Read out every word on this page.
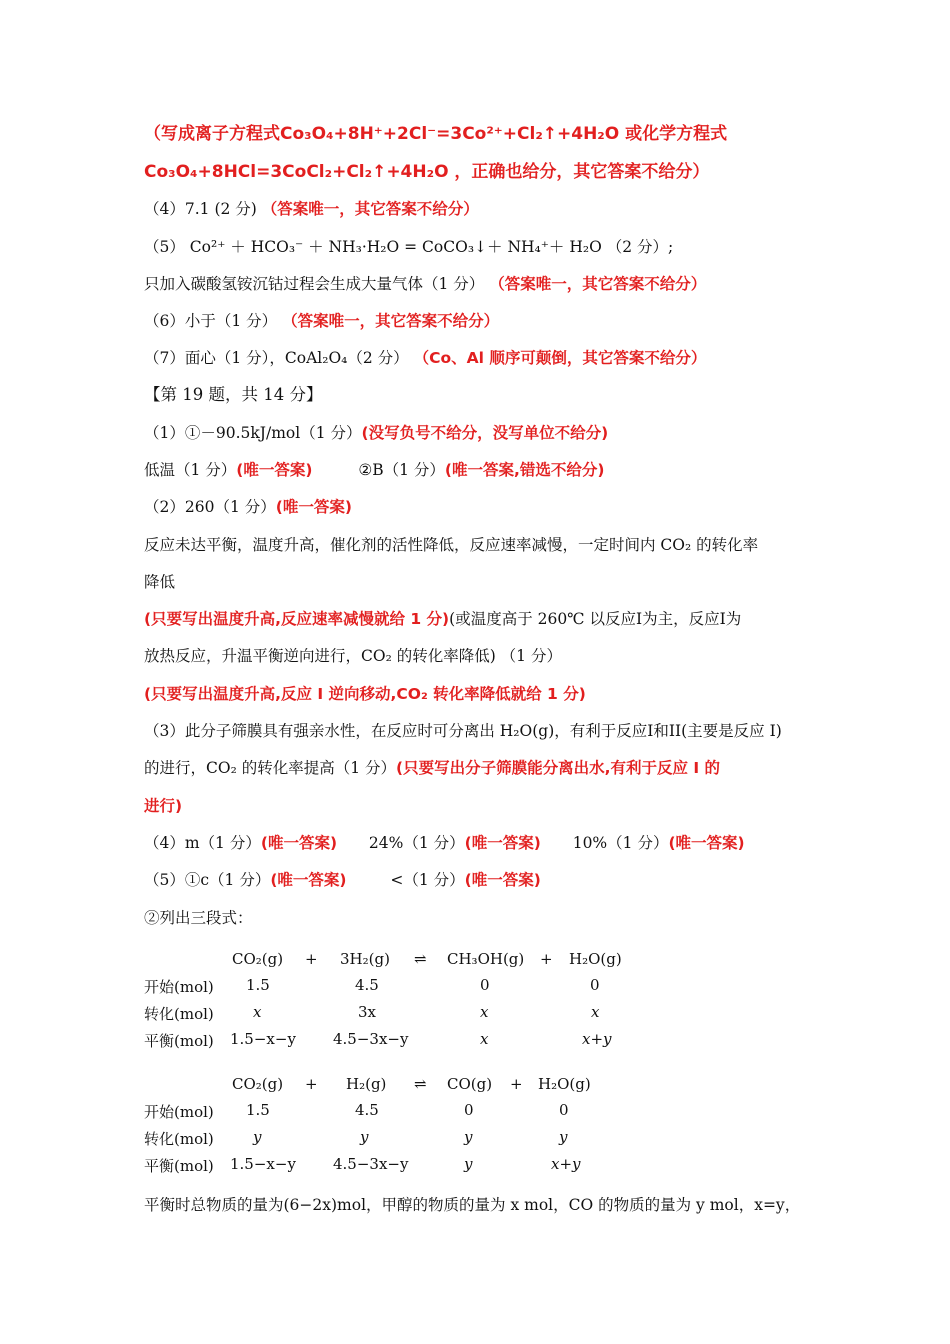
（写成离子方程式Co₃O₄+8H⁺+2Cl⁻=3Co²⁺+Cl₂↑+4H₂O 或化学方程式
Co₃O₄+8HCl=3CoCl₂+Cl₂↑+4H₂O ，正确也给分，其它答案不给分）
（4）7.1 (2 分) （答案唯一，其它答案不给分）
（5） Co²⁺ ＋ HCO₃⁻ ＋ NH₃·H₂O = CoCO₃↓＋ NH₄⁺＋ H₂O （2 分）;
只加入碳酸氢铵沉钴过程会生成大量气体（1 分） （答案唯一，其它答案不给分）
（6）小于（1 分） （答案唯一，其它答案不给分）
（7）面心（1 分），CoAl₂O₄（2 分） （Co、Al 顺序可颠倒，其它答案不给分）
【第 19 题，共 14 分】
（1）①－90.5kJ/mol（1 分）(没写负号不给分，没写单位不给分)
低温（1 分）(唯一答案)	②B（1 分）(唯一答案,错选不给分)
（2）260（1 分）(唯一答案)
反应未达平衡，温度升高，催化剂的活性降低，反应速率减慢，一定时间内 CO₂ 的转化率
降低
(只要写出温度升高,反应速率减慢就给 1 分)(或温度高于 260℃ 以反应I为主，反应I为
放热反应，升温平衡逆向进行，CO₂ 的转化率降低) （1 分）
(只要写出温度升高,反应 I 逆向移动,CO₂ 转化率降低就给 1 分)
（3）此分子筛膜具有强亲水性，在反应时可分离出 H₂O(g)，有利于反应I和II(主要是反应 I)
的进行，CO₂ 的转化率提高（1 分）(只要写出分子筛膜能分离出水,有利于反应 I 的
进行)
（4）m（1 分）(唯一答案) 24%（1 分）(唯一答案) 10%（1 分）(唯一答案)
（5）①c（1 分）(唯一答案)	<（1 分）(唯一答案)
②列出三段式：
CO₂(g) + 3H₂(g) ⇌ CH₃OH(g) + H₂O(g)
开始(mol) 1.5	4.5	0	0
转化(mol)	x	3x	x	x
平衡(mol) 1.5−x−y 4.5−3x−y	x	x+y
CO₂(g) + H₂(g) ⇌ CO(g) + H₂O(g)
开始(mol) 1.5	4.5	0	0
转化(mol)	y	y	y	y
平衡(mol) 1.5−x−y 4.5−3x−y	y	x+y
平衡时总物质的量为(6−2x)mol，甲醇的物质的量为 x mol，CO 的物质的量为 y mol，x=y，
